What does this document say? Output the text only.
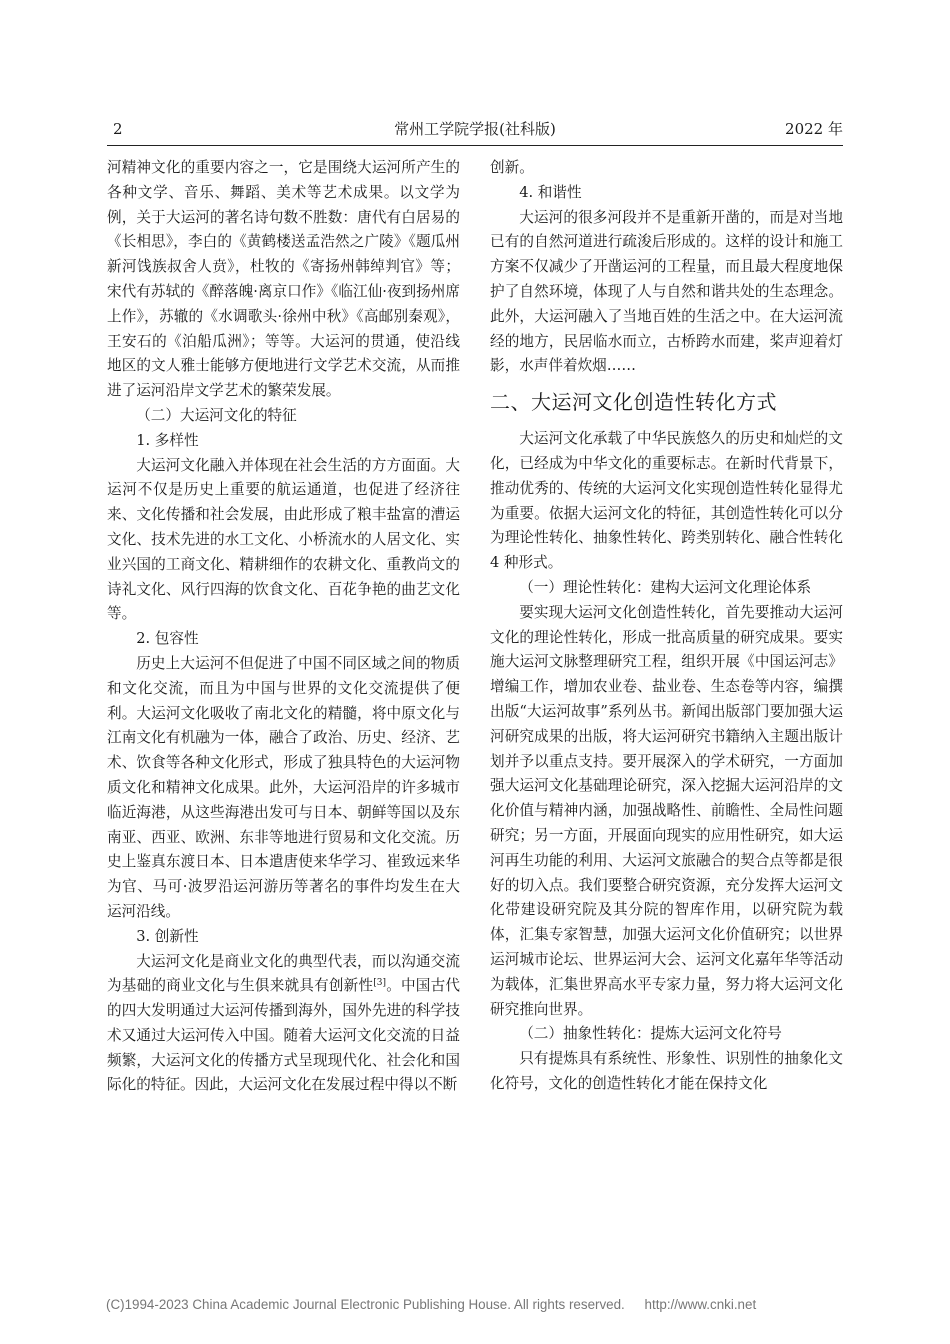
2	常州工学院学报(社科版)	2022 年

河精神文化的重要内容之一，它是围绕大运河所产生的各种文学、音乐、舞蹈、美术等艺术成果。以文学为例，关于大运河的著名诗句数不胜数：唐代有白居易的《长相思》，李白的《黄鹤楼送孟浩然之广陵》《题瓜州新河饯族叔舍人贲》，杜牧的《寄扬州韩绰判官》等；宋代有苏轼的《醉落魄·离京口作》《临江仙·夜到扬州席上作》，苏辙的《水调歌头·徐州中秋》《高邮别秦观》，王安石的《泊船瓜洲》；等等。大运河的贯通，使沿线地区的文人雅士能够方便地进行文学艺术交流，从而推进了运河沿岸文学艺术的繁荣发展。

（二）大运河文化的特征
1. 多样性

大运河文化融入并体现在社会生活的方方面面。大运河不仅是历史上重要的航运通道，也促进了经济往来、文化传播和社会发展，由此形成了粮丰盐富的漕运文化、技术先进的水工文化、小桥流水的人居文化、实业兴国的工商文化、精耕细作的农耕文化、重教尚文的诗礼文化、风行四海的饮食文化、百花争艳的曲艺文化等。

2. 包容性

历史上大运河不但促进了中国不同区域之间的物质和文化交流，而且为中国与世界的文化交流提供了便利。大运河文化吸收了南北文化的精髓，将中原文化与江南文化有机融为一体，融合了政治、历史、经济、艺术、饮食等各种文化形式，形成了独具特色的大运河物质文化和精神文化成果。此外，大运河沿岸的许多城市临近海港，从这些海港出发可与日本、朝鲜等国以及东南亚、西亚、欧洲、东非等地进行贸易和文化交流。历史上鉴真东渡日本、日本遣唐使来华学习、崔致远来华为官、马可·波罗沿运河游历等著名的事件均发生在大运河沿线。

3. 创新性

大运河文化是商业文化的典型代表，而以沟通交流为基础的商业文化与生俱来就具有创新性[3]。中国古代的四大发明通过大运河传播到海外，国外先进的科学技术又通过大运河传入中国。随着大运河文化交流的日益频繁，大运河文化的传播方式呈现现代化、社会化和国际化的特征。因此，大运河文化在发展过程中得以不断

创新。

4. 和谐性

大运河的很多河段并不是重新开凿的，而是对当地已有的自然河道进行疏浚后形成的。这样的设计和施工方案不仅减少了开凿运河的工程量，而且最大程度地保护了自然环境，体现了人与自然和谐共处的生态理念。此外，大运河融入了当地百姓的生活之中。在大运河流经的地方，民居临水而立，古桥跨水而建，桨声迎着灯影，水声伴着炊烟……

二、大运河文化创造性转化方式

大运河文化承载了中华民族悠久的历史和灿烂的文化，已经成为中华文化的重要标志。在新时代背景下，推动优秀的、传统的大运河文化实现创造性转化显得尤为重要。依据大运河文化的特征，其创造性转化可以分为理论性转化、抽象性转化、跨类别转化、融合性转化 4 种形式。

（一）理论性转化：建构大运河文化理论体系

要实现大运河文化创造性转化，首先要推动大运河文化的理论性转化，形成一批高质量的研究成果。要实施大运河文脉整理研究工程，组织开展《中国运河志》增编工作，增加农业卷、盐业卷、生态卷等内容，编撰出版“大运河故事”系列丛书。新闻出版部门要加强大运河研究成果的出版，将大运河研究书籍纳入主题出版计划并予以重点支持。要开展深入的学术研究，一方面加强大运河文化基础理论研究，深入挖掘大运河沿岸的文化价值与精神内涵，加强战略性、前瞻性、全局性问题研究；另一方面，开展面向现实的应用性研究，如大运河再生功能的利用、大运河文旅融合的契合点等都是很好的切入点。我们要整合研究资源，充分发挥大运河文化带建设研究院及其分院的智库作用，以研究院为载体，汇集专家智慧，加强大运河文化价值研究；以世界运河城市论坛、世界运河大会、运河文化嘉年华等活动为载体，汇集世界高水平专家力量，努力将大运河文化研究推向世界。

（二）抽象性转化：提炼大运河文化符号

只有提炼具有系统性、形象性、识别性的抽象化文化符号，文化的创造性转化才能在保持文化

(C)1994-2023 China Academic Journal Electronic Publishing House. All rights reserved. http://www.cnki.net
